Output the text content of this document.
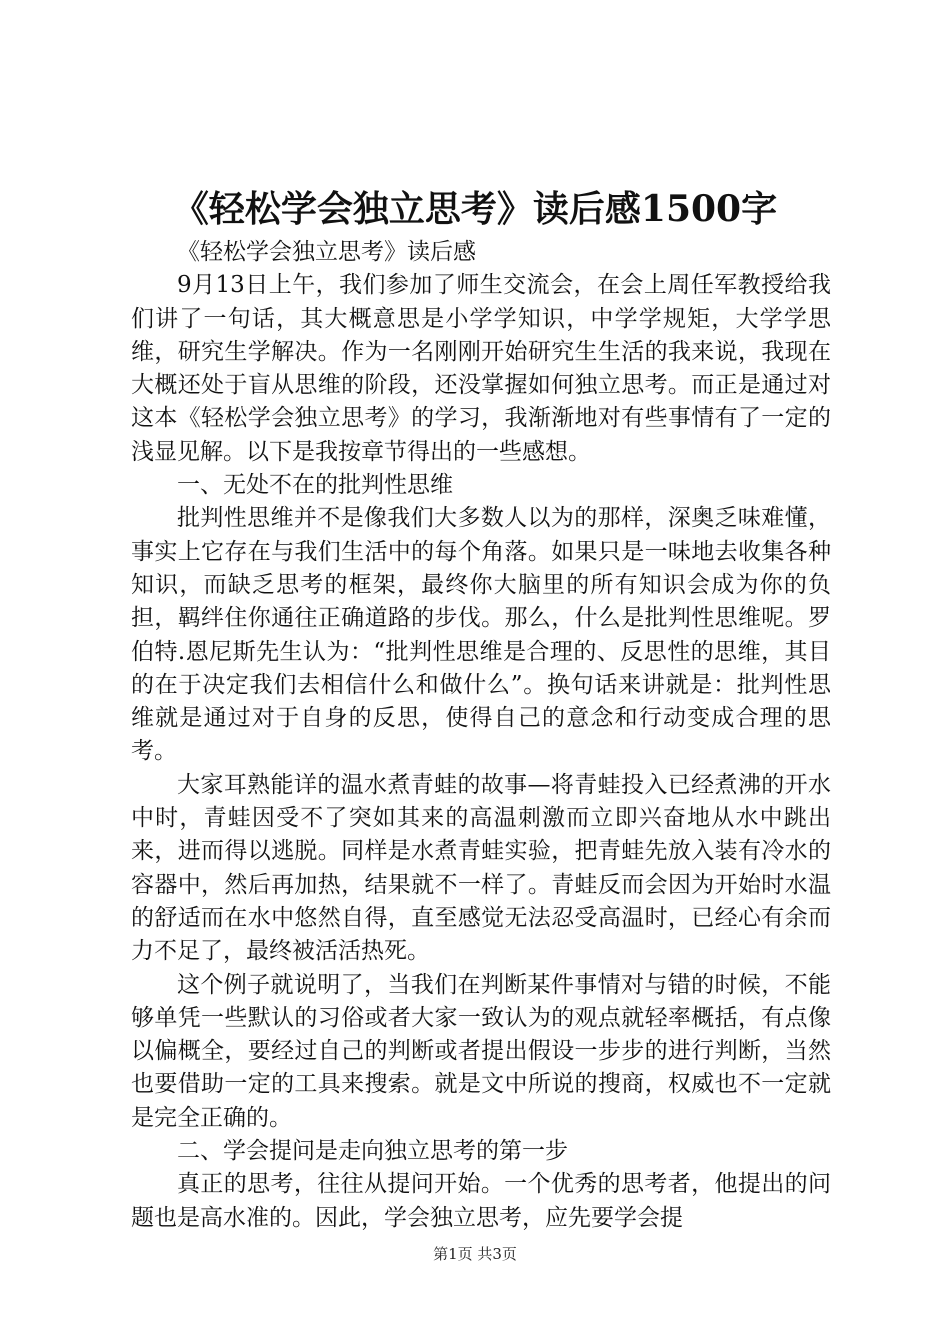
《轻松学会独立思考》读后感1500字

《轻松学会独立思考》读后感

9月13日上午，我们参加了师生交流会，在会上周任军教授给我们讲了一句话，其大概意思是小学学知识，中学学规矩，大学学思维，研究生学解决。作为一名刚刚开始研究生生活的我来说，我现在大概还处于盲从思维的阶段，还没掌握如何独立思考。而正是通过对这本《轻松学会独立思考》的学习，我渐渐地对有些事情有了一定的浅显见解。以下是我按章节得出的一些感想。

一、无处不在的批判性思维

批判性思维并不是像我们大多数人以为的那样，深奥乏味难懂，事实上它存在与我们生活中的每个角落。如果只是一味地去收集各种知识，而缺乏思考的框架，最终你大脑里的所有知识会成为你的负担，羁绊住你通往正确道路的步伐。那么，什么是批判性思维呢。罗伯特.恩尼斯先生认为：“批判性思维是合理的、反思性的思维，其目的在于决定我们去相信什么和做什么”。换句话来讲就是：批判性思维就是通过对于自身的反思，使得自己的意念和行动变成合理的思考。

大家耳熟能详的温水煮青蛙的故事—将青蛙投入已经煮沸的开水中时，青蛙因受不了突如其来的高温刺激而立即兴奋地从水中跳出来，进而得以逃脱。同样是水煮青蛙实验，把青蛙先放入装有冷水的容器中，然后再加热，结果就不一样了。青蛙反而会因为开始时水温的舒适而在水中悠然自得，直至感觉无法忍受高温时，已经心有余而力不足了，最终被活活热死。

这个例子就说明了，当我们在判断某件事情对与错的时候，不能够单凭一些默认的习俗或者大家一致认为的观点就轻率概括，有点像以偏概全，要经过自己的判断或者提出假设一步步的进行判断，当然也要借助一定的工具来搜索。就是文中所说的搜商，权威也不一定就是完全正确的。

二、学会提问是走向独立思考的第一步

真正的思考，往往从提问开始。一个优秀的思考者，他提出的问题也是高水准的。因此，学会独立思考，应先要学会提

第1页 共3页
